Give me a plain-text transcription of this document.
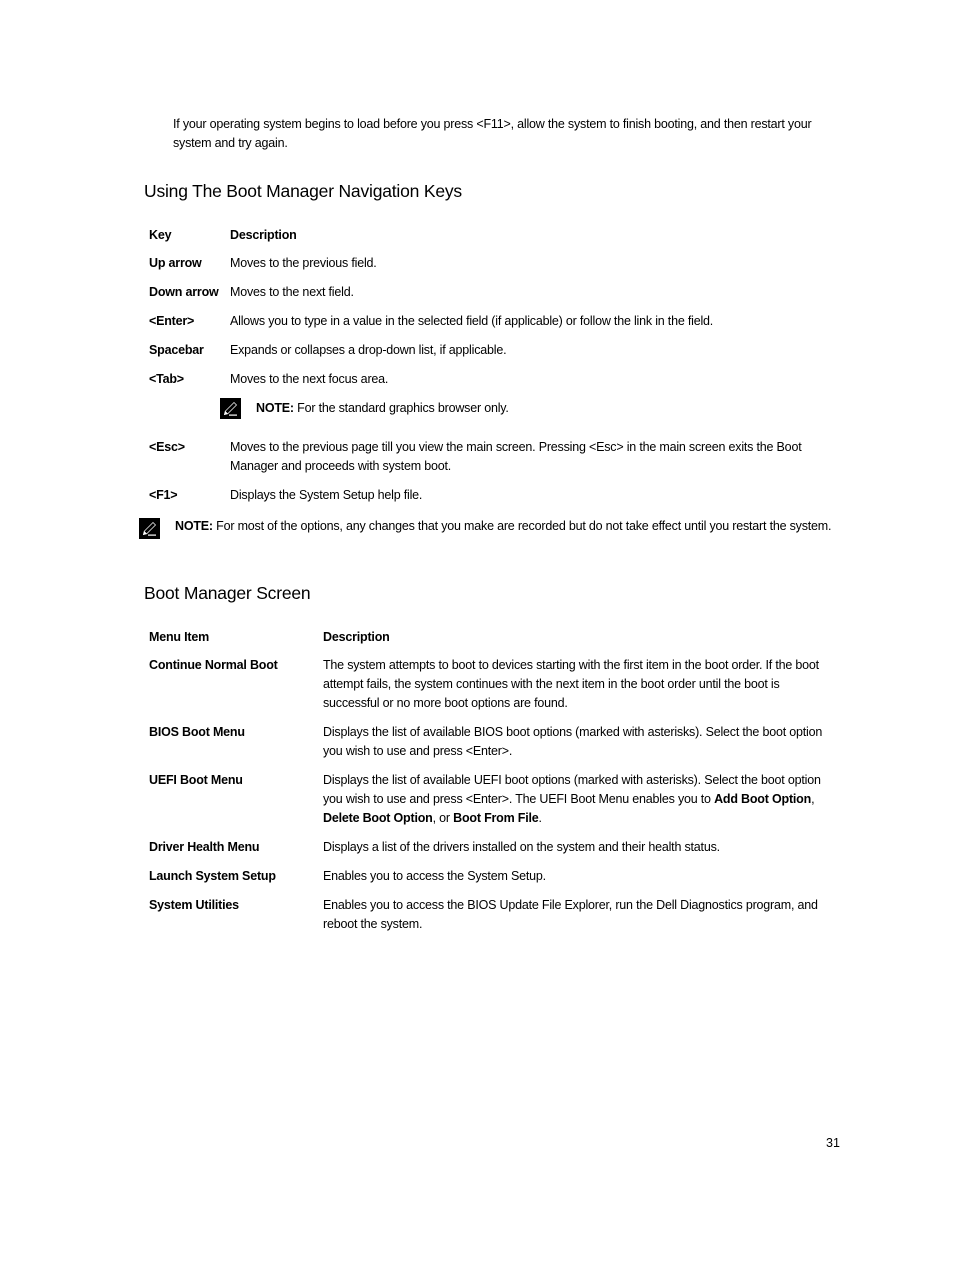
If your operating system begins to load before you press <F11>, allow the system to finish booting, and then restart your system and try again.
Using The Boot Manager Navigation Keys
Key	Description
Up arrow	Moves to the previous field.
Down arrow	Moves to the next field.
<Enter>	Allows you to type in a value in the selected field (if applicable) or follow the link in the field.
Spacebar	Expands or collapses a drop-down list, if applicable.
<Tab>	Moves to the next focus area.
NOTE: For the standard graphics browser only.

<Esc>	Moves to the previous page till you view the main screen. Pressing <Esc> in the main screen exits the Boot Manager and proceeds with system boot.
<F1>	Displays the System Setup help file.
NOTE: For most of the options, any changes that you make are recorded but do not take effect until you restart the system.
Boot Manager Screen
Menu Item	Description
Continue Normal Boot	The system attempts to boot to devices starting with the first item in the boot order. If the boot attempt fails, the system continues with the next item in the boot order until the boot is successful or no more boot options are found.
BIOS Boot Menu	Displays the list of available BIOS boot options (marked with asterisks). Select the boot option you wish to use and press <Enter>.
UEFI Boot Menu	Displays the list of available UEFI boot options (marked with asterisks). Select the boot option you wish to use and press <Enter>. The UEFI Boot Menu enables you to Add Boot Option, Delete Boot Option, or Boot From File.
Driver Health Menu	Displays a list of the drivers installed on the system and their health status.
Launch System Setup	Enables you to access the System Setup.
System Utilities	Enables you to access the BIOS Update File Explorer, run the Dell Diagnostics program, and reboot the system.
31
